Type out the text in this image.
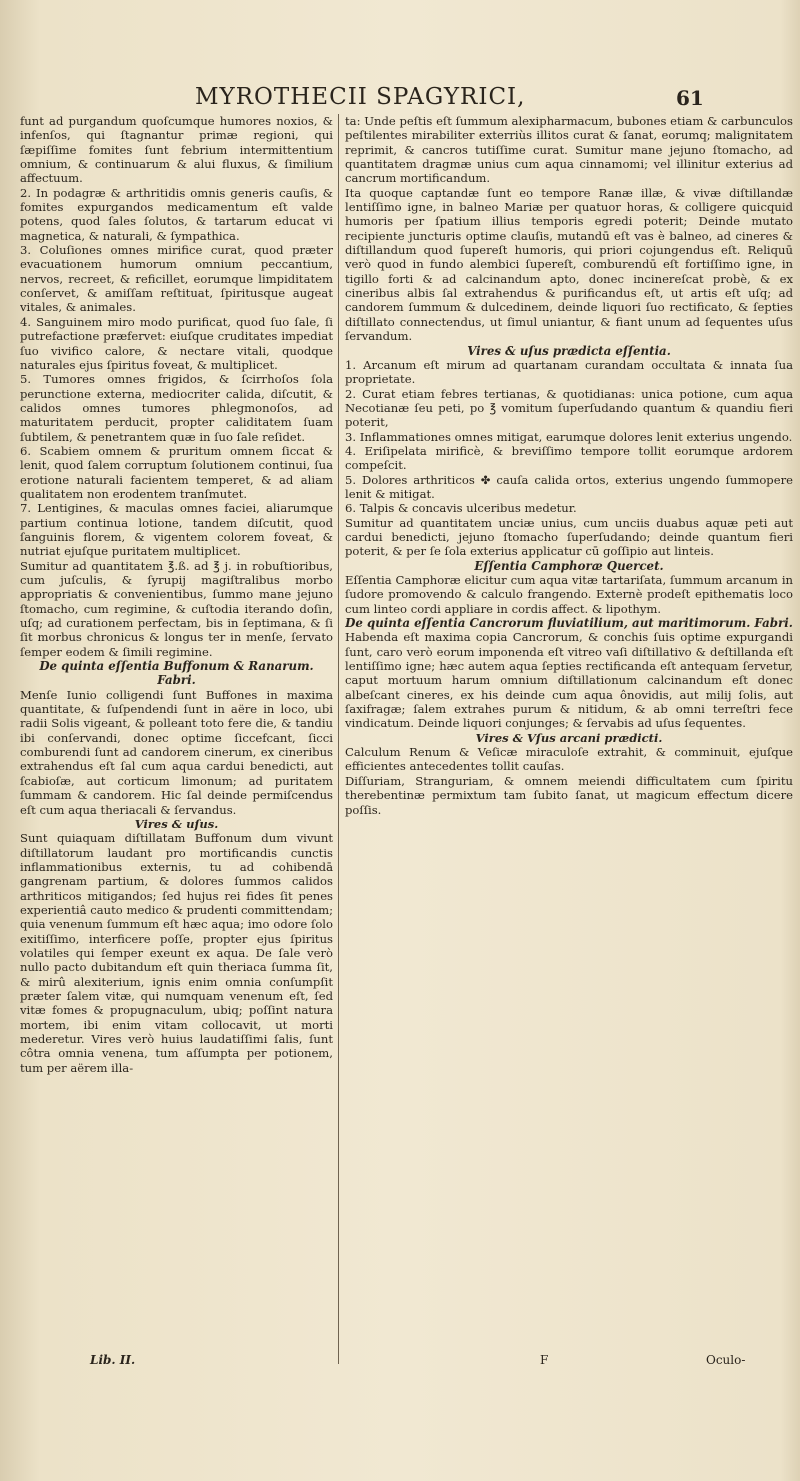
MYROTHECII SPAGYRICI,	61

funt ad purgandum quoſcumque humores noxios, & infenſos, qui ſtagnantur primæ regioni, qui ſæpiſſime fomites ſunt febrium intermittentium omnium, & continuarum & alui fluxus, & ſimilium affectuum.

2. In podagræ & arthritidis omnis generis cauſis, & fomites expurgandos medicamentum eſt valde potens, quod ſales ſolutos, & tartarum educat vi magnetica, & naturali, & ſympathica.

3. Coluſiones omnes mirifice curat, quod præter evacuationem humorum omnium peccantium, nervos, recreet, & reficillet, eorumque limpiditatem conſervet, & amiſſam reſtituat, ſpiritusque augeat vitales, & animales.

4. Sanguinem miro modo purificat, quod ſuo ſale, ſi putrefactione præfervet: eiuſque cruditates impediat ſuo vivifico calore, & nectare vitali, quodque naturales ejus ſpiritus foveat, & multiplicet.

5. Tumores omnes frigidos, & ſcirrhoſos ſola perunctione externa, mediocriter calida, diſcutit, & calidos omnes tumores phlegmonoſos, ad maturitatem perducit, propter caliditatem ſuam ſubtilem, & penetrantem quæ in ſuo ſale reſidet.

6. Scabiem omnem & pruritum omnem ſiccat & lenit, quod ſalem corruptum ſolutionem continui, ſua erotione naturali facientem temperet, & ad aliam qualitatem non erodentem tranſmutet.

7. Lentigines, & maculas omnes faciei, aliarumque partium continua lotione, tandem diſcutit, quod ſanguinis florem, & vigentem colorem foveat, & nutriat ejuſque puritatem multiplicet.

Sumitur ad quantitatem ℥.ß. ad ℥ j. in robuſtioribus, cum juſculis, & ſyrupij magiſtralibus morbo appropriatis & convenientibus, ſummo mane jejuno ſtomacho, cum regimine, & cuſtodia iterando doſin, uſq; ad curationem perfectam, bis in ſeptimana, & ſi ſit morbus chronicus & longus ter in menſe, ſervato ſemper eodem & ſimili regimine.

De quinta eſſentia Buffonum & Ranarum. Fabri.

Menſe Iunio colligendi ſunt Buffones in maxima quantitate, & ſuſpendendi ſunt in aëre in loco, ubi radii Solis vigeant, & polleant toto fere die, & tandiu ibi conſervandi, donec optime ſiccefcant, ſicci comburendi ſunt ad candorem cinerum, ex cineribus extrahendus eſt ſal cum aqua cardui benedicti, aut ſcabioſæ, aut corticum limonum; ad puritatem ſummam & candorem. Hic ſal deinde permiſcendus eſt cum aqua theriacali & ſervandus.

Vires & uſus.

Sunt quiaquam diſtillatam Buffonum dum vivunt diſtillatorum laudant pro mortificandis cunctis inflammationibus externis, tu ad cohibendā gangrenam partium, & dolores ſummos calidos arthriticos mitigandos; ſed hujus rei fides ſit penes experientiâ cauto medico & prudenti committendam; quia venenum ſummum eſt hæc aqua; imo odore ſolo exitiſſimo, interficere poſſe, propter ejus ſpiritus volatiles qui ſemper exeunt ex aqua. De ſale verò nullo pacto dubitandum eſt quin theriaca ſumma ſit, & mirû alexiterium, ignis enim omnia conſumpſit præter ſalem vitæ, qui numquam venenum eſt, ſed vitæ fomes & propugnaculum, ubiq; poſſint natura mortem, ibi enim vitam collocavit, ut morti mederetur. Vires verò huius laudatiſſimi ſalis, ſunt côtra omnia venena, tum aſſumpta per potionem, tum per aërem illa-

ta: Unde peſtis eſt ſummum alexipharmacum, bubones etiam & carbunculos peſtilentes mirabiliter exterriùs illitos curat & ſanat, eorumq; malignitatem reprimit, & cancros tutiſſime curat. Sumitur mane jejuno ſtomacho, ad quantitatem dragmæ unius cum aqua cinnamomi; vel illinitur exterius ad cancrum mortificandum.

Ita quoque captandæ ſunt eo tempore Ranæ illæ, & vivæ diſtillandæ lentiſſimo igne, in balneo Mariæ per quatuor horas, & colligere quicquid humoris per ſpatium illius temporis egredi poterit; Deinde mutato recipiente juncturis optime clauſis, mutandū eſt vas è balneo, ad cineres & diſtillandum quod ſupereſt humoris, qui priori cojungendus eſt. Reliquū verò quod in fundo alembici ſupereſt, comburendū eſt fortiſſimo igne, in tigillo forti & ad calcinandum apto, donec incinereſcat probè, & ex cineribus albis ſal extrahendus & purificandus eſt, ut artis eſt uſq; ad candorem ſummum & dulcedinem, deinde liquori ſuo rectificato, & ſepties diſtillato connectendus, ut ſimul uniantur, & fiant unum ad ſequentes uſus ſervandum.

Vires & uſus prædicta eſſentia.

1. Arcanum eſt mirum ad quartanam curandam occultata & innata ſua proprietate.

2. Curat etiam febres tertianas, & quotidianas: unica potione, cum aqua Necotianæ ſeu peti, po ℥ vomitum ſuperſudando quantum & quandiu fieri poterit,

3. Inflammationes omnes mitigat, earumque dolores lenit exterius ungendo.

4. Eriſipelata mirificè, & breviſſimo tempore tollit eorumque ardorem compeſcit.

5. Dolores arthriticos ✤ cauſa calida ortos, exterius ungendo ſummopere lenit & mitigat.

6. Talpis & concavis ulceribus medetur.

Sumitur ad quantitatem unciæ unius, cum unciis duabus aquæ peti aut cardui benedicti, jejuno ſtomacho ſuperſudando; deinde quantum fieri poterit, & per ſe ſola exterius applicatur cū goſſipio aut linteis.

Eſſentia Camphoræ Quercet.

Eſſentia Camphoræ elicitur cum aqua vitæ tartariſata, ſummum arcanum in ſudore promovendo & calculo frangendo. Externè prodeſt epithematis loco cum linteo cordi appliare in cordis affect. & lipothym.

De quinta eſſentia Cancrorum fluviatilium, aut maritimorum. Fabri.

Habenda eſt maxima copia Cancrorum, & conchis ſuis optime expurgandi ſunt, caro verò eorum imponenda eſt vitreo vaſi diſtillativo & deſtillanda eſt lentiſſimo igne; hæc autem aqua ſepties rectificanda eſt antequam ſervetur, caput mortuum harum omnium diſtillationum calcinandum eſt donec albeſcant cineres, ex his deinde cum aqua ônovidis, aut milij ſolis, aut ſaxifragæ; ſalem extrahes purum & nitidum, & ab omni terreſtri fece vindicatum. Deinde liquori conjunges; & ſervabis ad uſus ſequentes.

Vires & Vſus arcani prædicti.

Calculum Renum & Veſicæ miraculoſe extrahit, & comminuit, ejuſque efficientes antecedentes tollit cauſas.

Diſſuriam, Stranguriam, & omnem meiendi difficultatem cum ſpiritu therebentinæ permixtum tam ſubito ſanat, ut magicum effectum dicere poſſis.

Lib. II.	F	Oculo-
